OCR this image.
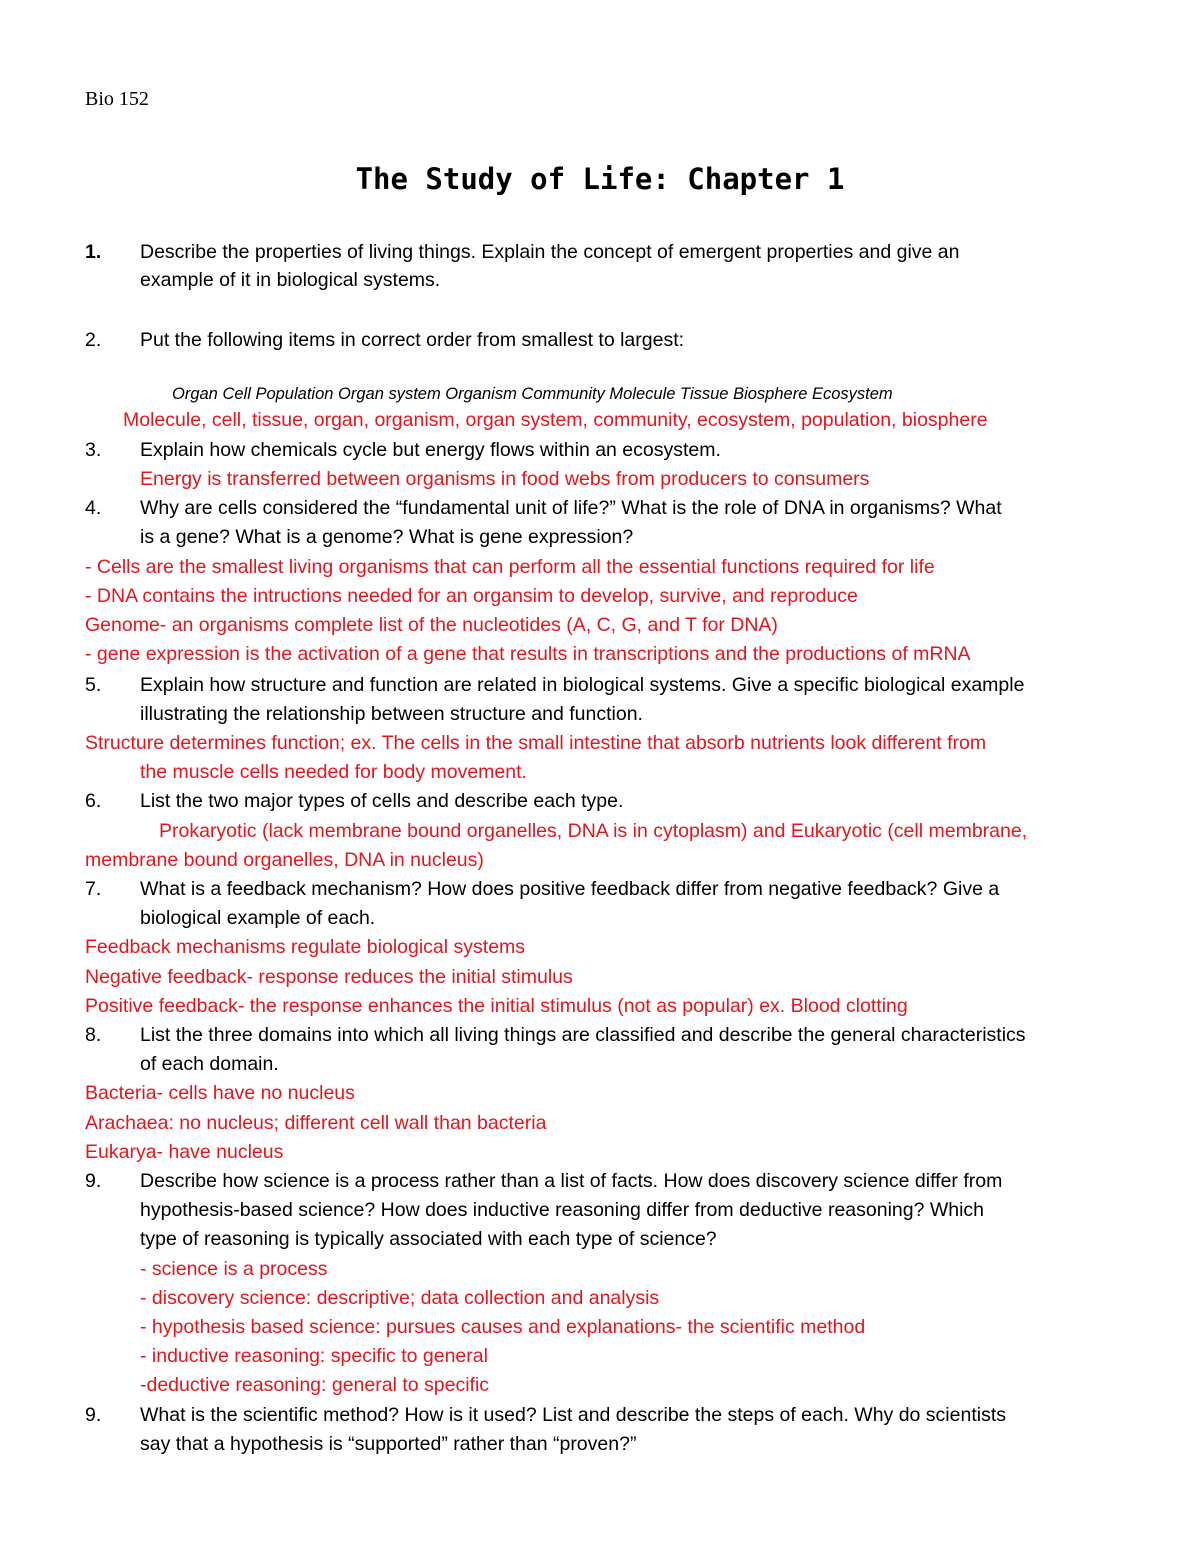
Bio 152
The Study of Life: Chapter 1
1. Describe the properties of living things. Explain the concept of emergent properties and give an
example of it in biological systems.
2. Put the following items in correct order from smallest to largest:
Organ Cell Population Organ system Organism Community Molecule Tissue Biosphere Ecosystem
Molecule, cell, tissue, organ, organism, organ system, community, ecosystem, population, biosphere
3. Explain how chemicals cycle but energy flows within an ecosystem.
Energy is transferred between organisms in food webs from producers to consumers
4. Why are cells considered the “fundamental unit of life?” What is the role of DNA in organisms? What
is a gene? What is a genome? What is gene expression?
- Cells are the smallest living organisms that can perform all the essential functions required for life
- DNA contains the intructions needed for an organsim to develop, survive, and reproduce
Genome- an organisms complete list of the nucleotides (A, C, G, and T for DNA)
- gene expression is the activation of a gene that results in transcriptions and the productions of mRNA
5. Explain how structure and function are related in biological systems. Give a specific biological example
illustrating the relationship between structure and function.
Structure determines function; ex. The cells in the small intestine that absorb nutrients look different from
the muscle cells needed for body movement.
6. List the two major types of cells and describe each type.
Prokaryotic (lack membrane bound organelles, DNA is in cytoplasm) and Eukaryotic (cell membrane,
membrane bound organelles, DNA in nucleus)
7. What is a feedback mechanism? How does positive feedback differ from negative feedback? Give a
biological example of each.
Feedback mechanisms regulate biological systems
Negative feedback- response reduces the initial stimulus
Positive feedback- the response enhances the initial stimulus (not as popular) ex. Blood clotting
8. List the three domains into which all living things are classified and describe the general characteristics
of each domain.
Bacteria- cells have no nucleus
Arachaea: no nucleus; different cell wall than bacteria
Eukarya- have nucleus
9. Describe how science is a process rather than a list of facts. How does discovery science differ from
hypothesis-based science? How does inductive reasoning differ from deductive reasoning? Which
type of reasoning is typically associated with each type of science?
- science is a process
- discovery science: descriptive; data collection and analysis
- hypothesis based science: pursues causes and explanations- the scientific method
- inductive reasoning: specific to general
-deductive reasoning: general to specific
9. What is the scientific method? How is it used? List and describe the steps of each. Why do scientists
say that a hypothesis is “supported” rather than “proven?”
